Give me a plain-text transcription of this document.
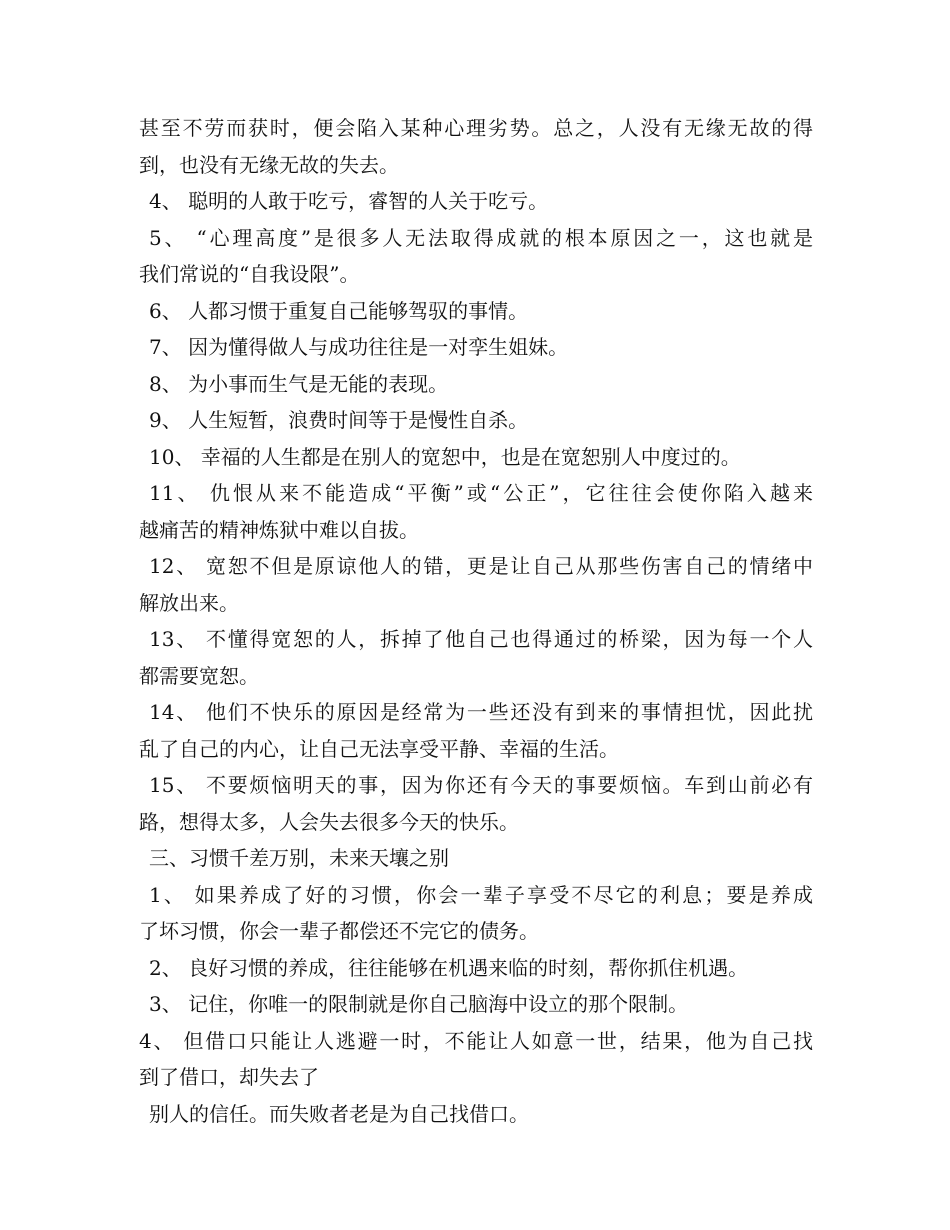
甚至不劳而获时，便会陷入某种心理劣势。总之，人没有无缘无故的得
到，也没有无缘无故的失去。
4、 聪明的人敢于吃亏，睿智的人关于吃亏。
5、 “心理高度”是很多人无法取得成就的根本原因之一，这也就是
我们常说的“自我设限”。
6、 人都习惯于重复自己能够驾驭的事情。
7、 因为懂得做人与成功往往是一对孪生姐妹。
8、 为小事而生气是无能的表现。
9、 人生短暂，浪费时间等于是慢性自杀。
10、 幸福的人生都是在别人的宽恕中，也是在宽恕别人中度过的。
11、 仇恨从来不能造成“平衡”或“公正”，它往往会使你陷入越来
越痛苦的精神炼狱中难以自拔。
12、 宽恕不但是原谅他人的错，更是让自己从那些伤害自己的情绪中
解放出来。
13、 不懂得宽恕的人，拆掉了他自己也得通过的桥梁，因为每一个人
都需要宽恕。
14、 他们不快乐的原因是经常为一些还没有到来的事情担忧，因此扰
乱了自己的内心，让自己无法享受平静、幸福的生活。
15、 不要烦恼明天的事，因为你还有今天的事要烦恼。车到山前必有
路，想得太多，人会失去很多今天的快乐。
三、习惯千差万别，未来天壤之别
1、 如果养成了好的习惯，你会一辈子享受不尽它的利息；要是养成
了坏习惯，你会一辈子都偿还不完它的债务。
2、 良好习惯的养成，往往能够在机遇来临的时刻，帮你抓住机遇。
3、 记住，你唯一的限制就是你自己脑海中设立的那个限制。
4、 但借口只能让人逃避一时，不能让人如意一世，结果，他为自己找
到了借口，却失去了
别人的信任。而失败者老是为自己找借口。
